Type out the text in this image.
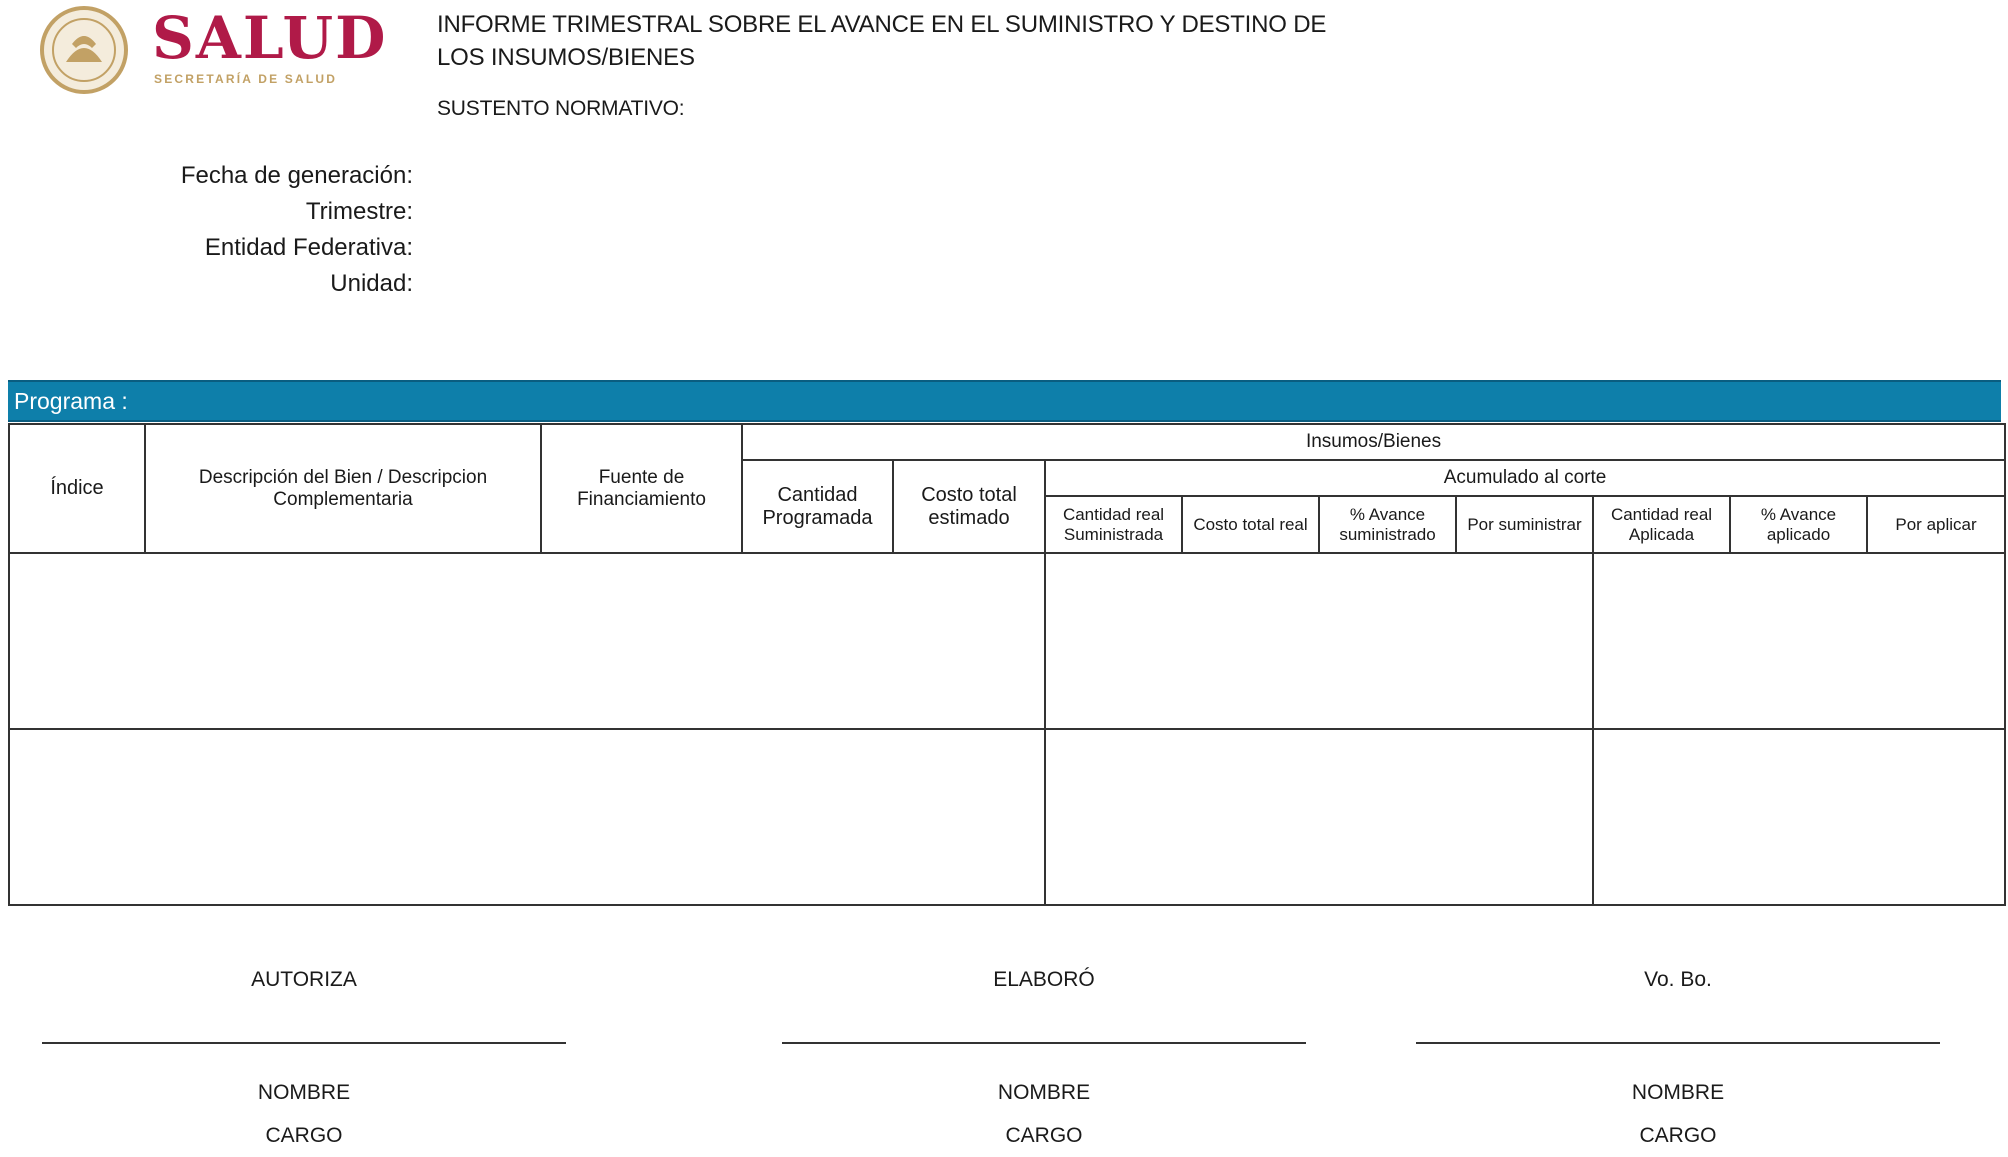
SALUD
SECRETARÍA DE SALUD
INFORME TRIMESTRAL SOBRE EL AVANCE EN EL SUMINISTRO Y DESTINO DE LOS INSUMOS/BIENES
SUSTENTO NORMATIVO:
Fecha de generación:
Trimestre:
Entidad Federativa:
Unidad:
Programa :
Índice	Descripción del Bien / Descripcion Complementaria	Fuente de Financiamiento	Insumos/Bienes								
			Cantidad Programada	Costo total estimado	Acumulado al corte						
					Cantidad real Suministrada	Costo total real	% Avance suministrado	Por suministrar	Cantidad real Aplicada	% Avance aplicado	Por aplicar

AUTORIZA
NOMBRE
CARGO
ELABORÓ
NOMBRE
CARGO
Vo. Bo.
NOMBRE
CARGO
